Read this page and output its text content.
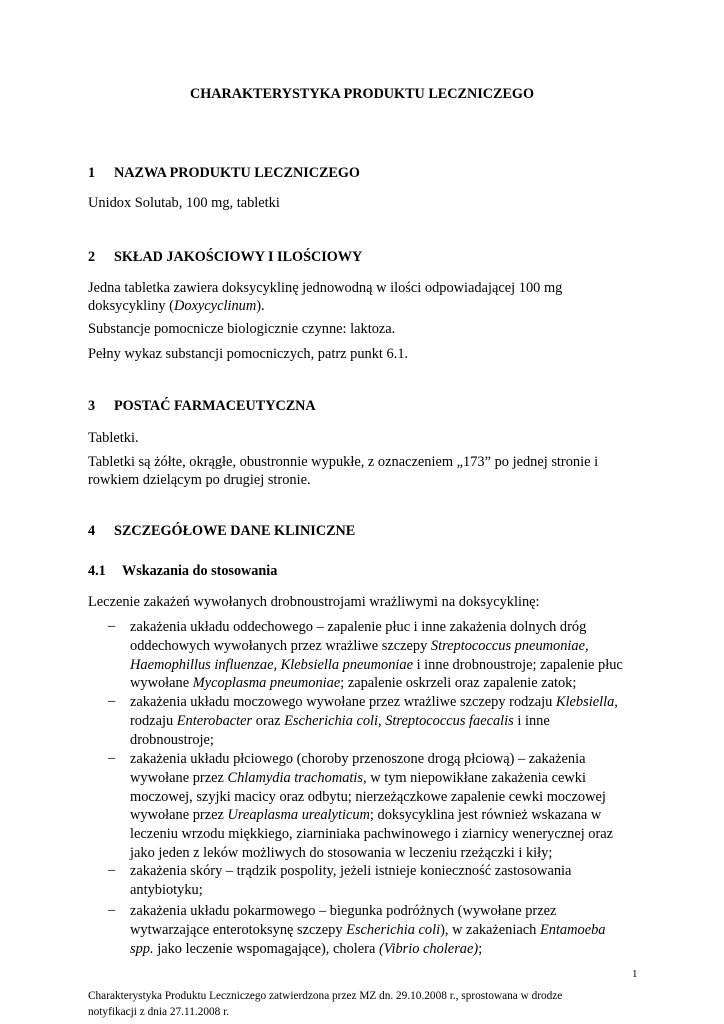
CHARAKTERYSTYKA PRODUKTU LECZNICZEGO
1 NAZWA PRODUKTU LECZNICZEGO
Unidox Solutab, 100 mg, tabletki
2 SKŁAD JAKOŚCIOWY I ILOŚCIOWY
Jedna tabletka zawiera doksycyklinę jednowodną w ilości odpowiadającej 100 mg
doksycykliny (Doxycyclinum).
Substancje pomocnicze biologicznie czynne: laktoza.
Pełny wykaz substancji pomocniczych, patrz punkt 6.1.
3 POSTAĆ FARMACEUTYCZNA
Tabletki.
Tabletki są żółte, okrągłe, obustronnie wypukłe, z oznaczeniem „173” po jednej stronie i
rowkiem dzielącym po drugiej stronie.
4 SZCZEGÓŁOWE DANE KLINICZNE
4.1 Wskazania do stosowania
Leczenie zakażeń wywołanych drobnoustrojami wrażliwymi na doksycyklinę:
– zakażenia układu oddechowego – zapalenie płuc i inne zakażenia dolnych dróg
oddechowych wywołanych przez wrażliwe szczepy Streptococcus pneumoniae,
Haemophillus influenzae, Klebsiella pneumoniae i inne drobnoustroje; zapalenie płuc
wywołane Mycoplasma pneumoniae; zapalenie oskrzeli oraz zapalenie zatok;
– zakażenia układu moczowego wywołane przez wrażliwe szczepy rodzaju Klebsiella,
rodzaju Enterobacter oraz Escherichia coli, Streptococcus faecalis i inne
drobnoustroje;
– zakażenia układu płciowego (choroby przenoszone drogą płciową) – zakażenia
wywołane przez Chlamydia trachomatis, w tym niepowikłane zakażenia cewki
moczowej, szyjki macicy oraz odbytu; nierzeżączkowe zapalenie cewki moczowej
wywołane przez Ureaplasma urealyticum; doksycyklina jest również wskazana w
leczeniu wrzodu miękkiego, ziarniniaka pachwinowego i ziarnicy wenerycznej oraz
jako jeden z leków możliwych do stosowania w leczeniu rzeżączki i kiły;
– zakażenia skóry – trądzik pospolity, jeżeli istnieje konieczność zastosowania
antybiotyku;
– zakażenia układu pokarmowego – biegunka podróżnych (wywołane przez
wytwarzające enterotoksynę szczepy Escherichia coli), w zakażeniach Entamoeba
spp. jako leczenie wspomagające), cholera (Vibrio cholerae);
1
Charakterystyka Produktu Leczniczego zatwierdzona przez MZ dn. 29.10.2008 r., sprostowana w drodze
notyfikacji z dnia 27.11.2008 r.
